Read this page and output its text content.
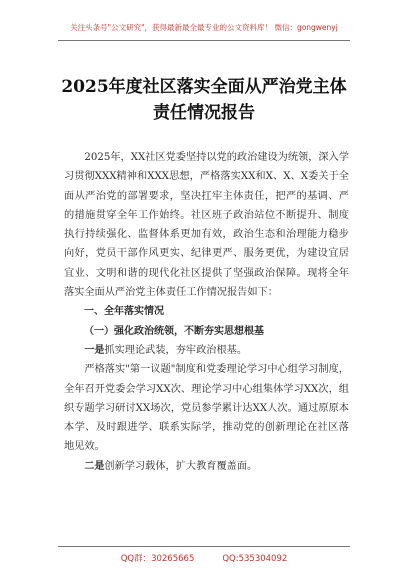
关注头条号"公文研究"，获得最新最全最专业的公文资料库！ 微信：gongwenyj
2025年度社区落实全面从严治党主体责任情况报告

2025年，XX社区党委坚持以党的政治建设为统领，深入学习贯彻XXX精神和XXX思想，严格落实XX和X、X、X委关于全面从严治党的部署要求，坚决扛牢主体责任，把严的基调、严的措施贯穿全年工作始终。社区班子政治站位不断提升、制度执行持续强化、监督体系更加有效，政治生态和治理能力稳步向好，党员干部作风更实、纪律更严、服务更优，为建设宜居宜业、文明和谐的现代化社区提供了坚强政治保障。现将全年落实全面从严治党主体责任工作情况报告如下：

一、全年落实情况

（一）强化政治统领，不断夯实思想根基

一是抓实理论武装，夯牢政治根基。

严格落实"第一议题"制度和党委理论学习中心组学习制度，全年召开党委会学习XX次、理论学习中心组集体学习XX次，组织专题学习研讨XX场次，党员参学累计达XX人次。通过原原本本学、及时跟进学、联系实际学，推动党的创新理论在社区落地见效。

二是创新学习载体，扩大教育覆盖面。

QQ群：30265665	QQ:535304092
